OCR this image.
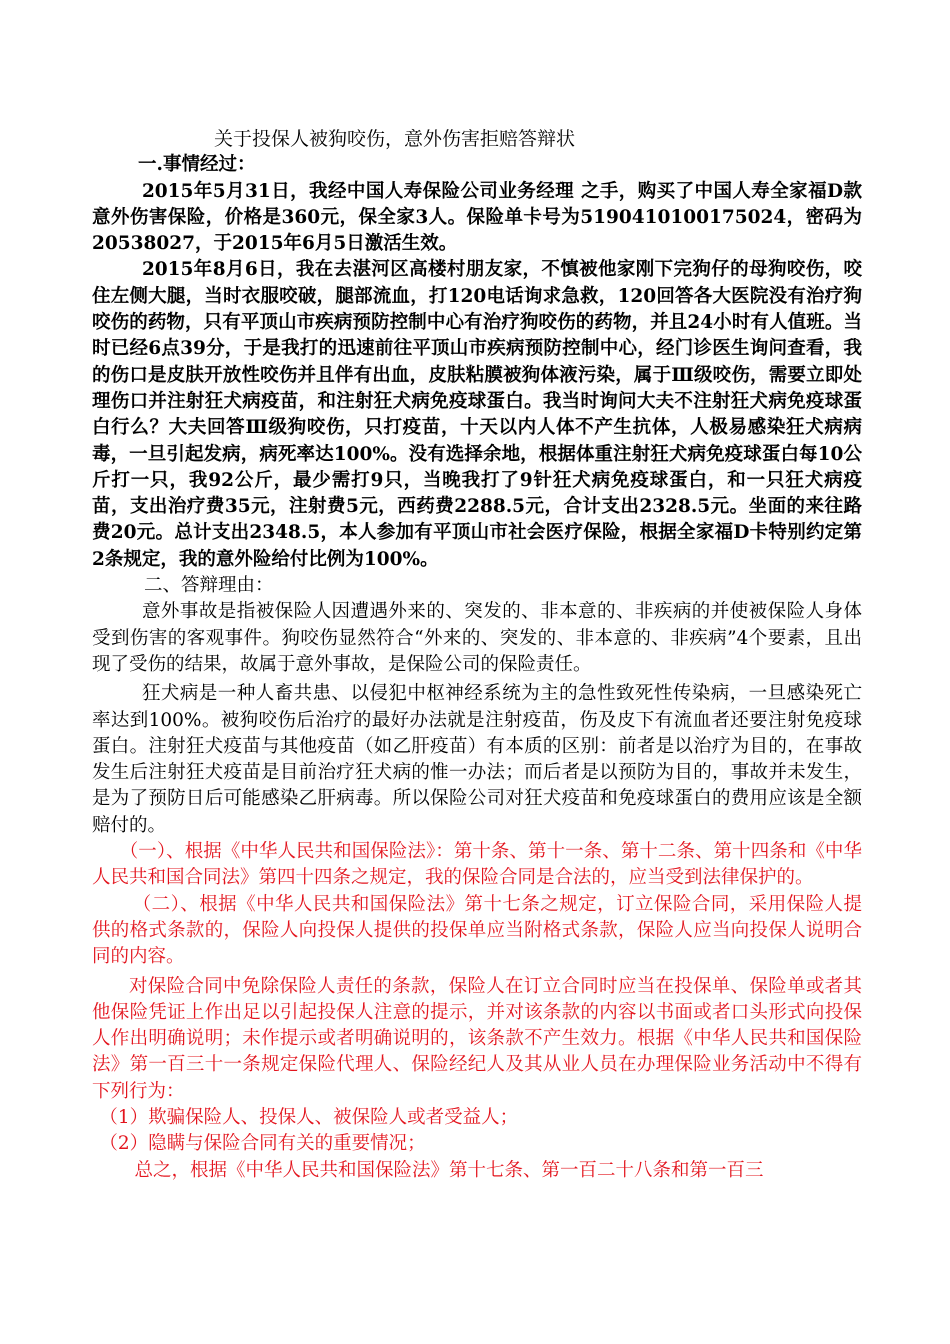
关于投保人被狗咬伤，意外伤害拒赔答辩状

一.事情经过：

2015年5月31日，我经中国人寿保险公司业务经理 之手，购买了中国人寿全家福D款意外伤害保险，价格是360元，保全家3人。保险单卡号为5190410100175024，密码为20538027，于2015年6月5日激活生效。

2015年8月6日，我在去湛河区高楼村朋友家，不慎被他家刚下完狗仔的母狗咬伤，咬住左侧大腿，当时衣服咬破，腿部流血，打120电话询求急救，120回答各大医院没有治疗狗咬伤的药物，只有平顶山市疾病预防控制中心有治疗狗咬伤的药物，并且24小时有人值班。当时已经6点39分，于是我打的迅速前往平顶山市疾病预防控制中心，经门诊医生询问查看，我的伤口是皮肤开放性咬伤并且伴有出血，皮肤粘膜被狗体液污染，属于Ⅲ级咬伤，需要立即处理伤口并注射狂犬病疫苗，和注射狂犬病免疫球蛋白。我当时询问大夫不注射狂犬病免疫球蛋白行么？大夫回答Ⅲ级狗咬伤，只打疫苗，十天以内人体不产生抗体，人极易感染狂犬病病毒，一旦引起发病，病死率达100%。没有选择余地，根据体重注射狂犬病免疫球蛋白每10公斤打一只，我92公斤，最少需打9只，当晚我打了9针狂犬病免疫球蛋白，和一只狂犬病疫苗，支出治疗费35元，注射费5元，西药费2288.5元，合计支出2328.5元。坐面的来往路费20元。总计支出2348.5，本人参加有平顶山市社会医疗保险，根据全家福D卡特别约定第2条规定，我的意外险给付比例为100%。

二、答辩理由：

意外事故是指被保险人因遭遇外来的、突发的、非本意的、非疾病的并使被保险人身体受到伤害的客观事件。狗咬伤显然符合“外来的、突发的、非本意的、非疾病”4个要素，且出现了受伤的结果，故属于意外事故，是保险公司的保险责任。

狂犬病是一种人畜共患、以侵犯中枢神经系统为主的急性致死性传染病，一旦感染死亡率达到100%。被狗咬伤后治疗的最好办法就是注射疫苗，伤及皮下有流血者还要注射免疫球蛋白。注射狂犬疫苗与其他疫苗（如乙肝疫苗）有本质的区别：前者是以治疗为目的，在事故发生后注射狂犬疫苗是目前治疗狂犬病的惟一办法；而后者是以预防为目的，事故并未发生，是为了预防日后可能感染乙肝病毒。所以保险公司对狂犬疫苗和免疫球蛋白的费用应该是全额赔付的。

（一）、根据《中华人民共和国保险法》：第十条、第十一条、第十二条、第十四条和《中华人民共和国合同法》第四十四条之规定，我的保险合同是合法的，应当受到法律保护的。

（二）、根据《中华人民共和国保险法》第十七条之规定，订立保险合同，采用保险人提供的格式条款的，保险人向投保人提供的投保单应当附格式条款，保险人应当向投保人说明合同的内容。

对保险合同中免除保险人责任的条款，保险人在订立合同时应当在投保单、保险单或者其他保险凭证上作出足以引起投保人注意的提示，并对该条款的内容以书面或者口头形式向投保人作出明确说明；未作提示或者明确说明的，该条款不产生效力。根据《中华人民共和国保险法》第一百三十一条规定保险代理人、保险经纪人及其从业人员在办理保险业务活动中不得有下列行为：

（1）欺骗保险人、投保人、被保险人或者受益人；

（2）隐瞒与保险合同有关的重要情况；

总之，根据《中华人民共和国保险法》第十七条、第一百二十八条和第一百三
